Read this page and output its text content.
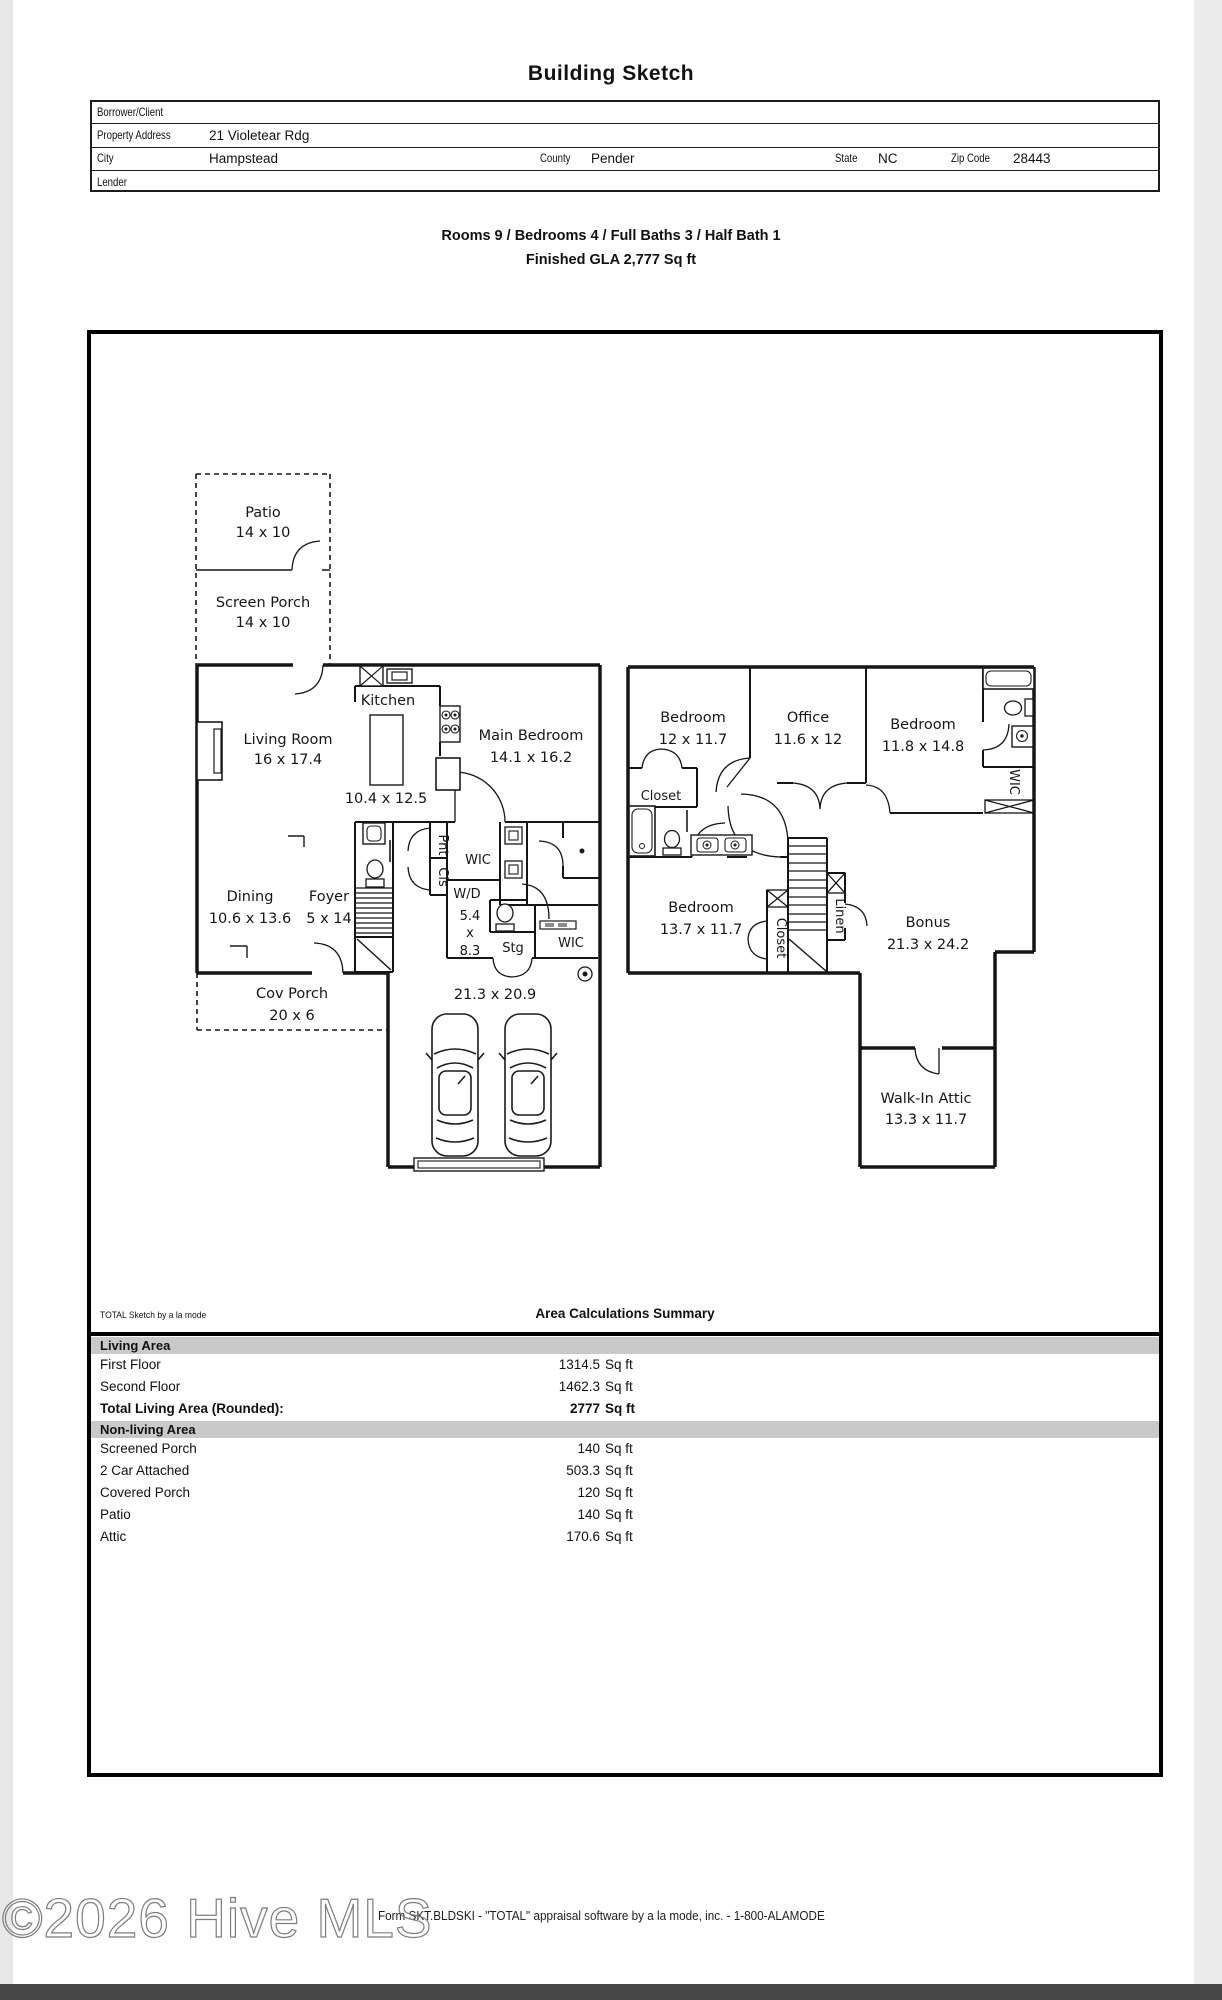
Building Sketch
Borrower/Client
Property Address	21 Violetear Rdg
City	Hampstead	County Pender	State NC	Zip Code 28443
Lender
Rooms 9 / Bedrooms 4 / Full Baths 3 / Half Bath 1
Finished GLA 2,777 Sq ft
Patio
14 x 10
Screen Porch
14 x 10
Living Room
16 x 17.4
Kitchen
10.4 x 12.5
Main Bedroom
14.1 x 16.2
Dining
10.6 x 13.6
Foyer
5 x 14
Pnt
Cls
WIC
W/D
5.4
x
8.3 Stg	WIC
21.3 x 20.9
Cov Porch
20 x 6
Bedroom
12 x 11.7
Office
11.6 x 12
Bedroom
11.8 x 14.8
Closet
WIC
Bedroom
13.7 x 11.7 Closet
Linen	Bonus
21.3 x 24.2
Walk-In Attic
13.3 x 11.7
TOTAL Sketch by a la mode	Area Calculations Summary
Living Area
First Floor	1314.5 Sq ft
Second Floor	1462.3 Sq ft
Total Living Area (Rounded):	2777 Sq ft
Non-living Area
Screened Porch	140 Sq ft
2 Car Attached	503.3 Sq ft
Covered Porch	120 Sq ft
Patio	140 Sq ft
Attic	170.6 Sq ft
Form SKT.BLDSKI - "TOTAL" appraisal software by a la mode, inc. - 1-800-ALAMODE
©2026 Hive MLS
